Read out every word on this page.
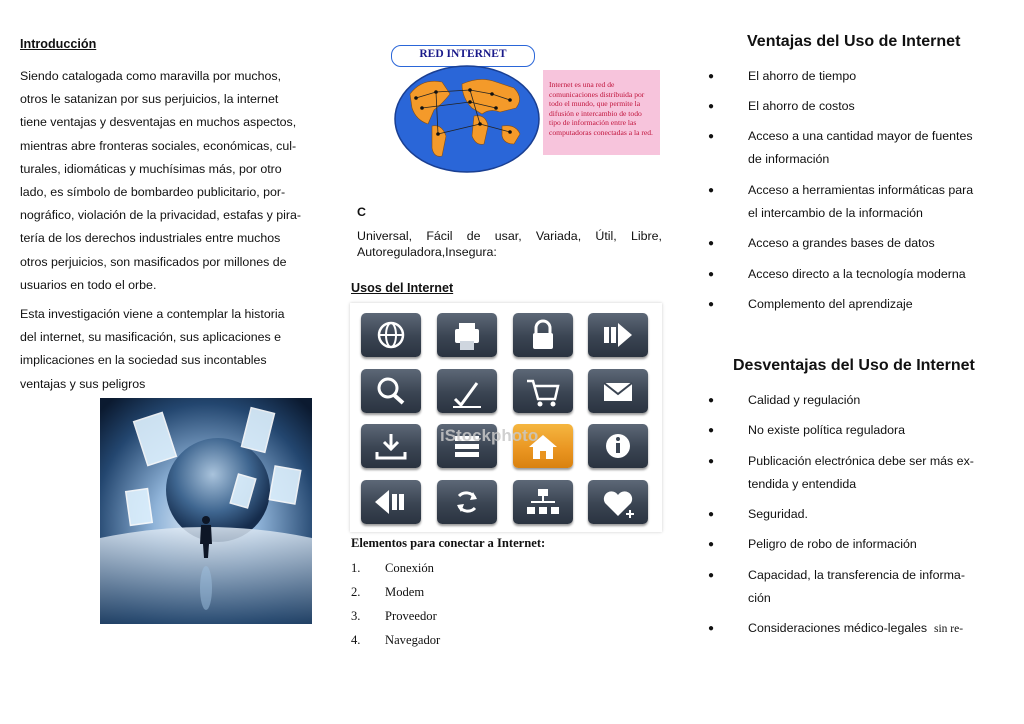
Introducción
Siendo catalogada como maravilla por muchos,
otros le satanizan por sus perjuicios, la internet
tiene ventajas y desventajas en muchos aspectos,
mientras abre fronteras sociales, económicas, cul-
turales, idiomáticas y muchísimas más, por otro
lado, es símbolo de bombardeo publicitario, por-
nográfico, violación de la privacidad, estafas y pira-
tería de los derechos industriales entre muchos
otros perjuicios, son masificados por millones de
usuarios en todo el orbe.
Esta investigación viene a contemplar la historia
del internet, su masificación, sus aplicaciones e
implicaciones en la sociedad sus incontables
ventajas y sus peligros
RED INTERNET
Internet es una red de comunicaciones distribuida por todo el mundo, que permite la difusión e intercambio de todo tipo de información entre las computadoras conectadas a la red.
C
Universal, Fácil de usar, Variada, Útil, Libre,
Autoreguladora,Insegura:
Usos del Internet
iStockphoto
Elementos para conectar a Internet:
1. Conexión
2. Modem
3. Proveedor
4. Navegador
Ventajas del Uso de Internet
●	El ahorro de tiempo
●	El ahorro de costos
●	Acceso a una cantidad mayor de fuentes
de información
●	Acceso a herramientas informáticas para
el intercambio de la información
●	Acceso a grandes bases de datos
●	Acceso directo a la tecnología moderna
●	Complemento del aprendizaje
Desventajas del Uso de Internet
●	Calidad y regulación
●	No existe política reguladora
●	Publicación electrónica debe ser más ex-
tendida y entendida
●	Seguridad.
●	Peligro de robo de información
●	Capacidad, la transferencia de informa-
ción
●	Consideraciones médico-legales sin re-
